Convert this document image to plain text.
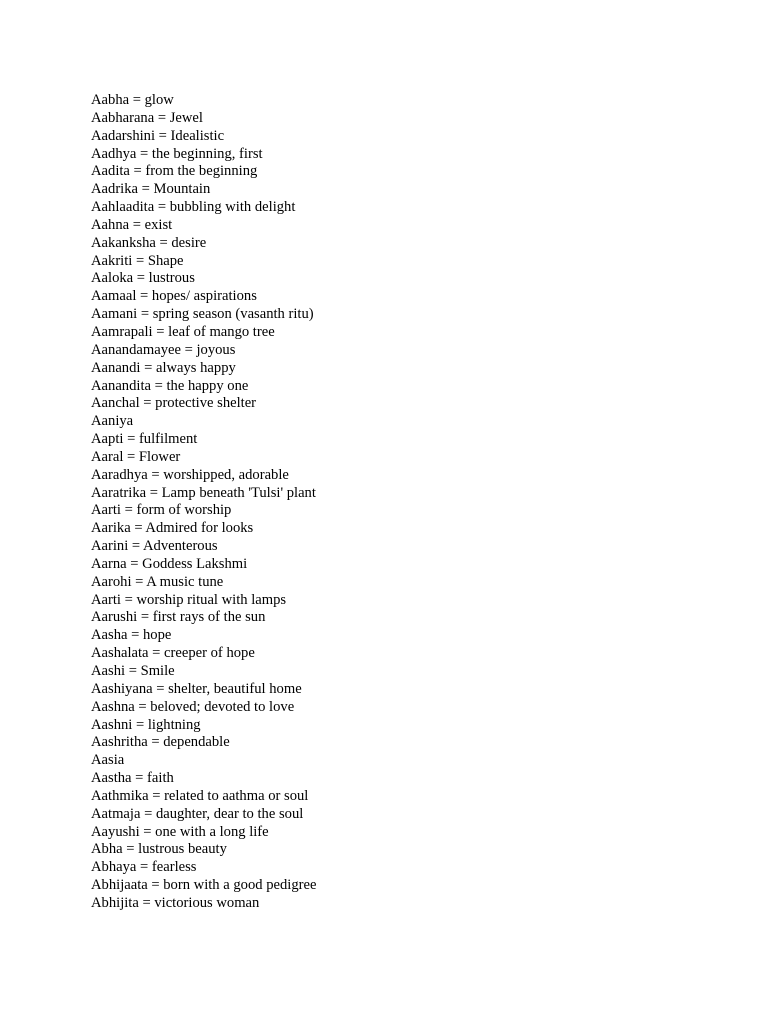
Aabha = glow
Aabharana = Jewel
Aadarshini = Idealistic
Aadhya = the beginning, first
Aadita = from the beginning
Aadrika = Mountain
Aahlaadita = bubbling with delight
Aahna = exist
Aakanksha = desire
Aakriti = Shape
Aaloka = lustrous
Aamaal = hopes/ aspirations
Aamani = spring season (vasanth ritu)
Aamrapali = leaf of mango tree
Aanandamayee = joyous
Aanandi = always happy
Aanandita = the happy one
Aanchal = protective shelter
Aaniya
Aapti = fulfilment
Aaral = Flower
Aaradhya = worshipped, adorable
Aaratrika = Lamp beneath 'Tulsi' plant
Aarti = form of worship
Aarika = Admired for looks
Aarini = Adventerous
Aarna = Goddess Lakshmi
Aarohi = A music tune
Aarti = worship ritual with lamps
Aarushi = first rays of the sun
Aasha = hope
Aashalata = creeper of hope
Aashi = Smile
Aashiyana = shelter, beautiful home
Aashna = beloved; devoted to love
Aashni = lightning
Aashritha = dependable
Aasia
Aastha = faith
Aathmika = related to aathma or soul
Aatmaja = daughter, dear to the soul
Aayushi = one with a long life
Abha = lustrous beauty
Abhaya = fearless
Abhijaata = born with a good pedigree
Abhijita = victorious woman
